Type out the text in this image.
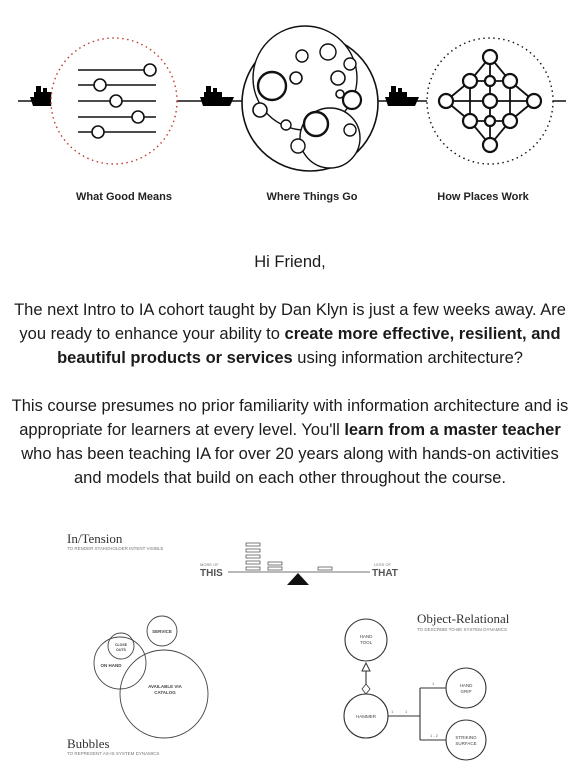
What Good Means	Where Things Go	How Places Work

Hi Friend,

The next Intro to IA cohort taught by Dan Klyn is just a few weeks away. Are you ready to enhance your ability to create more effective, resilient, and beautiful products or services using information architecture?

This course presumes no prior familiarity with information architecture and is appropriate for learners at every level. You'll learn from a master teacher who has been teaching IA for over 20 years along with hands-on activities and models that build on each other throughout the course.

In/Tension
TO RENDER STAKEHOLDER INTENT VISIBLE
MORE OF
THIS
LESS OF
THAT
SERVICE
CLOSE
OUTS
ON HAND
AVAILABLE VIA
CATALOG
Bubbles
TO REPRESENT AS-IS SYSTEM DYNAMICS
Object-Relational
TO DESCRIBE TO-BE SYSTEM DYNAMICS
HAND
TOOL
HAMMER
HAND
GRIP
STRIKING
SURFACE
1
1
1
1 - 2
